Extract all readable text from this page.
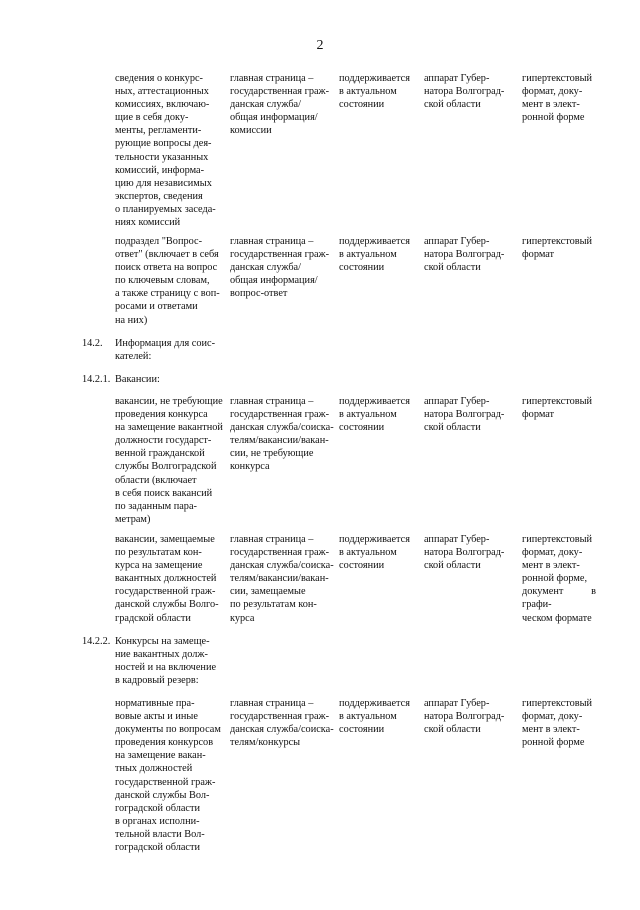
2
сведения о конкурс-
ных, аттестационных
комиссиях, включаю-
щие в себя доку-
менты, регламенти-
рующие вопросы дея-
тельности указанных
комиссий, информа-
цию для независимых
экспертов, сведения
о планируемых заседа-
ниях комиссий
главная страница –
государственная граж-
данская служба/
общая информация/
комиссии
поддерживается
в актуальном
состоянии
аппарат Губер-
натора Волгоград-
ской области
гипертекстовый
формат, доку-
мент в элект-
ронной форме
подраздел "Вопрос-
ответ" (включает в себя
поиск ответа на вопрос
по ключевым словам,
а также страницу с воп-
росами и ответами
на них)
главная страница –
государственная граж-
данская служба/
общая информация/
вопрос-ответ
поддерживается
в актуальном
состоянии
аппарат Губер-
натора Волгоград-
ской области
гипертекстовый
формат
14.2.	Информация для соис-
кателей:
14.2.1. Вакансии:
вакансии, не требующие
проведения конкурса
на замещение вакантной
должности государст-
венной гражданской
службы Волгоградской
области (включает
в себя поиск вакансий
по заданным пара-
метрам)
главная страница –
государственная граж-
данская служба/соиска-
телям/вакансии/вакан-
сии, не требующие
конкурса
поддерживается
в актуальном
состоянии
аппарат Губер-
натора Волгоград-
ской области
гипертекстовый
формат
вакансии, замещаемые
по результатам кон-
курса на замещение
вакантных должностей
государственной граж-
данской службы Волго-
градской области
главная страница –
государственная граж-
данская служба/соиска-
телям/вакансии/вакан-
сии, замещаемые
по результатам кон-
курса
поддерживается
в актуальном
состоянии
аппарат Губер-
натора Волгоград-
ской области
гипертекстовый
формат, доку-
мент в элект-
ронной форме,
документ в графи-
ческом формате
14.2.2. Конкурсы на замеще-
ние вакантных долж-
ностей и на включение
в кадровый резерв:
нормативные пра-
вовые акты и иные
документы по вопросам
проведения конкурсов
на замещение вакан-
тных должностей
государственной граж-
данской службы Вол-
гоградской области
в органах исполни-
тельной власти Вол-
гоградской области
главная страница –
государственная граж-
данская служба/соиска-
телям/конкурсы
поддерживается
в актуальном
состоянии
аппарат Губер-
натора Волгоград-
ской области
гипертекстовый
формат, доку-
мент в элект-
ронной форме
